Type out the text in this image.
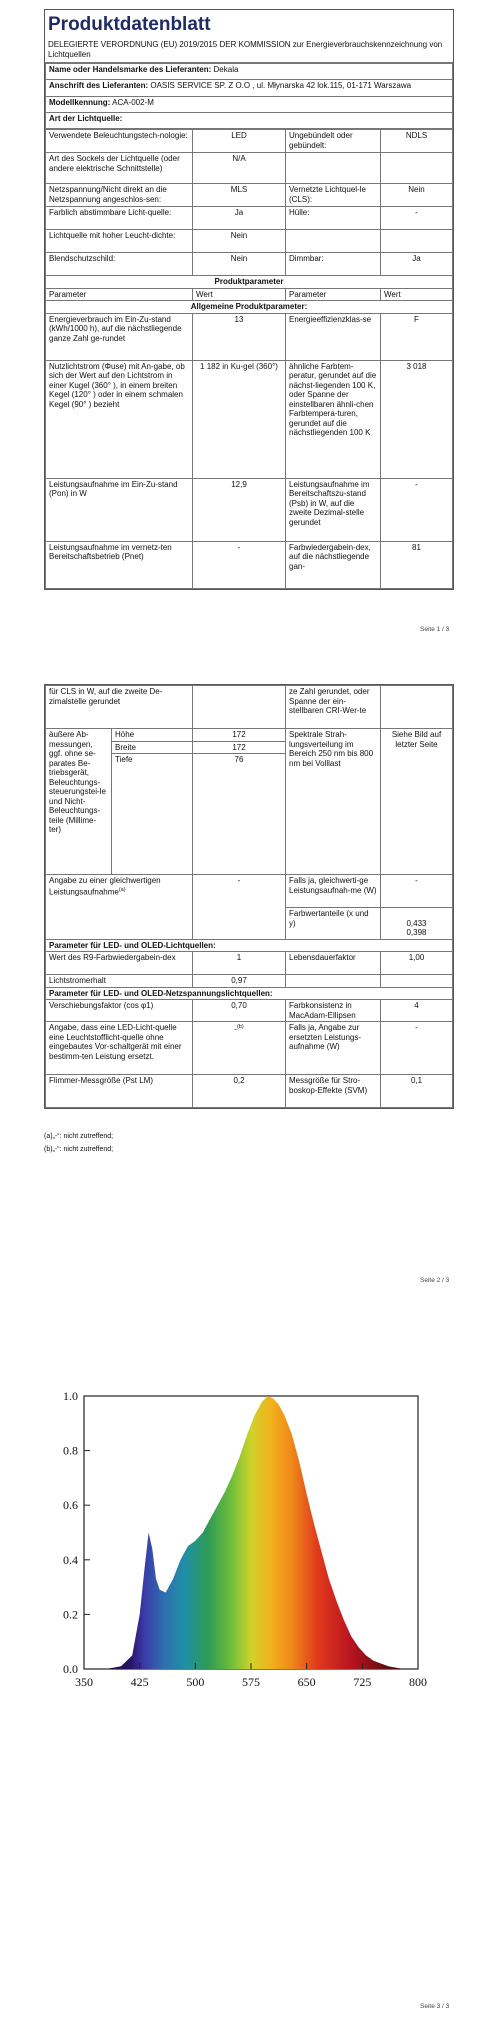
Produktdatenblatt
DELEGIERTE VERORDNUNG (EU) 2019/2015 DER KOMMISSION zur Energieverbrauchskennzeichnung von Lichtquellen
Name oder Handelsmarke des Lieferanten: Dekala
Anschrift des Lieferanten: OASIS SERVICE SP. Z O.O , ul. Młynarska 42 lok.115, 01-171 Warszawa
Modellkennung: ACA-002-M
Art der Lichtquelle:
Verwendete Beleuchtungstech-nologie:	LED	Ungebündelt oder gebündelt:	NDLS
Art des Sockels der Lichtquelle (oder andere elektrische Schnittstelle)	N/A		
Netzspannung/Nicht direkt an die Netzspannung angeschlos-sen:	MLS	Vernetzte Lichtquel-le (CLS):	Nein
Farblich abstimmbare Licht-quelle:	Ja	Hülle:	-
Lichtquelle mit hoher Leucht-dichte:	Nein		
Blendschutzschild:	Nein	Dimmbar:	Ja
Produktparameter			
Parameter	Wert	Parameter	Wert
Allgemeine Produktparameter:			
Energieverbrauch im Ein-Zu-stand (kWh/1000 h), auf die nächstliegende ganze Zahl ge-rundet	13	Energieeffizienzklas-se	F
Nutzlichtstrom (Φuse) mit An-gabe, ob sich der Wert auf den Lichtstrom in einer Kugel (360° ), in einem breiten Kegel (120° ) oder in einem schmalen Kegel (90° ) bezieht	1 182 in Ku-gel (360°)	ähnliche Farbtem-peratur, gerundet auf die nächst-liegenden 100 K, oder Spanne der einstellbaren ähnli-chen Farbtempera-turen, gerundet auf die nächstliegenden 100 K	3 018
Leistungsaufnahme im Ein-Zu-stand (Pon) in W	12,9	Leistungsaufnahme im Bereitschaftszu-stand (Psb) in W, auf die zweite Dezimal-stelle gerundet	-
Leistungsaufnahme im vernetz-ten Bereitschaftsbetrieb (Pnet)	-	Farbwiedergabein-dex, auf die nächstliegende gan-	81
Seite 1 / 3
für CLS in W, auf die zweite De-zimalstelle gerundet			ze Zahl gerundet, oder Spanne der ein-stellbaren CRI-Wer-te	
äußere Ab-messungen, ggf. ohne se-parates Be-triebsgerät, Beleuchtungs-steuerungstei-le und Nicht-Beleuchtungs-teile (Millime-ter)	Höhe	172	Spektrale Strah-lungsverteilung im Bereich 250 nm bis 800 nm bei Volllast	Siehe Bild auf letzter Seite
	Breite	172		
	Tiefe	76		
Angabe zu einer gleichwertigen Leistungsaufnahme$^{(a)}$		-	Falls ja, gleichwerti-ge Leistungsaufnah-me (W)	-
			Farbwertanteile (x und y)	0,433
0,398
Parameter für LED- und OLED-Lichtquellen:				
Wert des R9-Farbwiedergabein-dex		1	Lebensdauerfaktor	1,00
Lichtstromerhalt		0,97		
Parameter für LED- und OLED-Netzspannungslichtquellen:				
Verschiebungsfaktor (cos φ1)		0,70	Farbkonsistenz in MacAdam-Ellipsen	4
Angabe, dass eine LED-Licht-quelle eine Leuchtstofflicht-quelle ohne eingebautes Vor-schaltgerät mit einer bestimm-ten Leistung ersetzt.		-$^{(b)}$	Falls ja, Angabe zur ersetzten Leistungs-aufnahme (W)	-
Flimmer-Messgröße (Pst LM)		0,2	Messgröße für Stro-boskop-Effekte (SVM)	0,1
(a)„-“: nicht zutreffend;
(b)„-“: nicht zutreffend;
Seite 2 / 3
0.0
0.2
0.4
0.6
0.8
1.0
350	425	500	575	650	725	800
Seite 3 / 3
